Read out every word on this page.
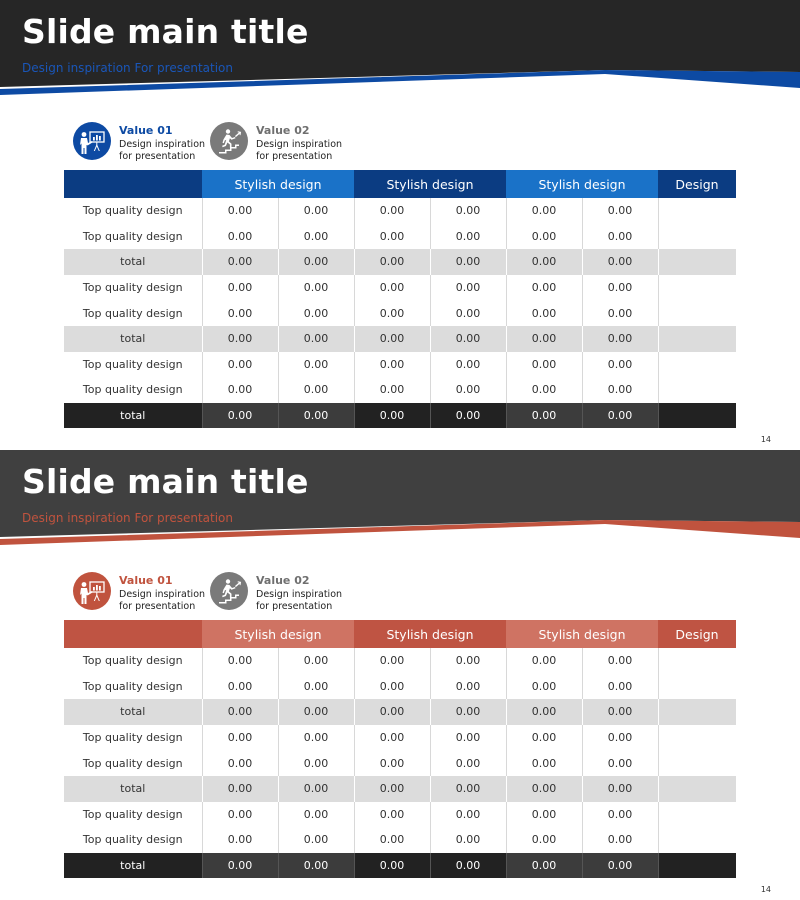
Slide main title
Design inspiration For presentation
Value 01
Design inspiration
for presentation
Value 02
Design inspiration
for presentation
	Stylish design		Stylish design		Stylish design		Design
Top quality design	0.00	0.00	0.00	0.00	0.00	0.00	
Top quality design	0.00	0.00	0.00	0.00	0.00	0.00	
total	0.00	0.00	0.00	0.00	0.00	0.00	
Top quality design	0.00	0.00	0.00	0.00	0.00	0.00	
Top quality design	0.00	0.00	0.00	0.00	0.00	0.00	
total	0.00	0.00	0.00	0.00	0.00	0.00	
Top quality design	0.00	0.00	0.00	0.00	0.00	0.00	
Top quality design	0.00	0.00	0.00	0.00	0.00	0.00	
total	0.00	0.00	0.00	0.00	0.00	0.00	
14
Slide main title
Design inspiration For presentation
Value 01
Design inspiration
for presentation
Value 02
Design inspiration
for presentation
	Stylish design		Stylish design		Stylish design		Design
Top quality design	0.00	0.00	0.00	0.00	0.00	0.00	
Top quality design	0.00	0.00	0.00	0.00	0.00	0.00	
total	0.00	0.00	0.00	0.00	0.00	0.00	
Top quality design	0.00	0.00	0.00	0.00	0.00	0.00	
Top quality design	0.00	0.00	0.00	0.00	0.00	0.00	
total	0.00	0.00	0.00	0.00	0.00	0.00	
Top quality design	0.00	0.00	0.00	0.00	0.00	0.00	
Top quality design	0.00	0.00	0.00	0.00	0.00	0.00	
total	0.00	0.00	0.00	0.00	0.00	0.00	
14
